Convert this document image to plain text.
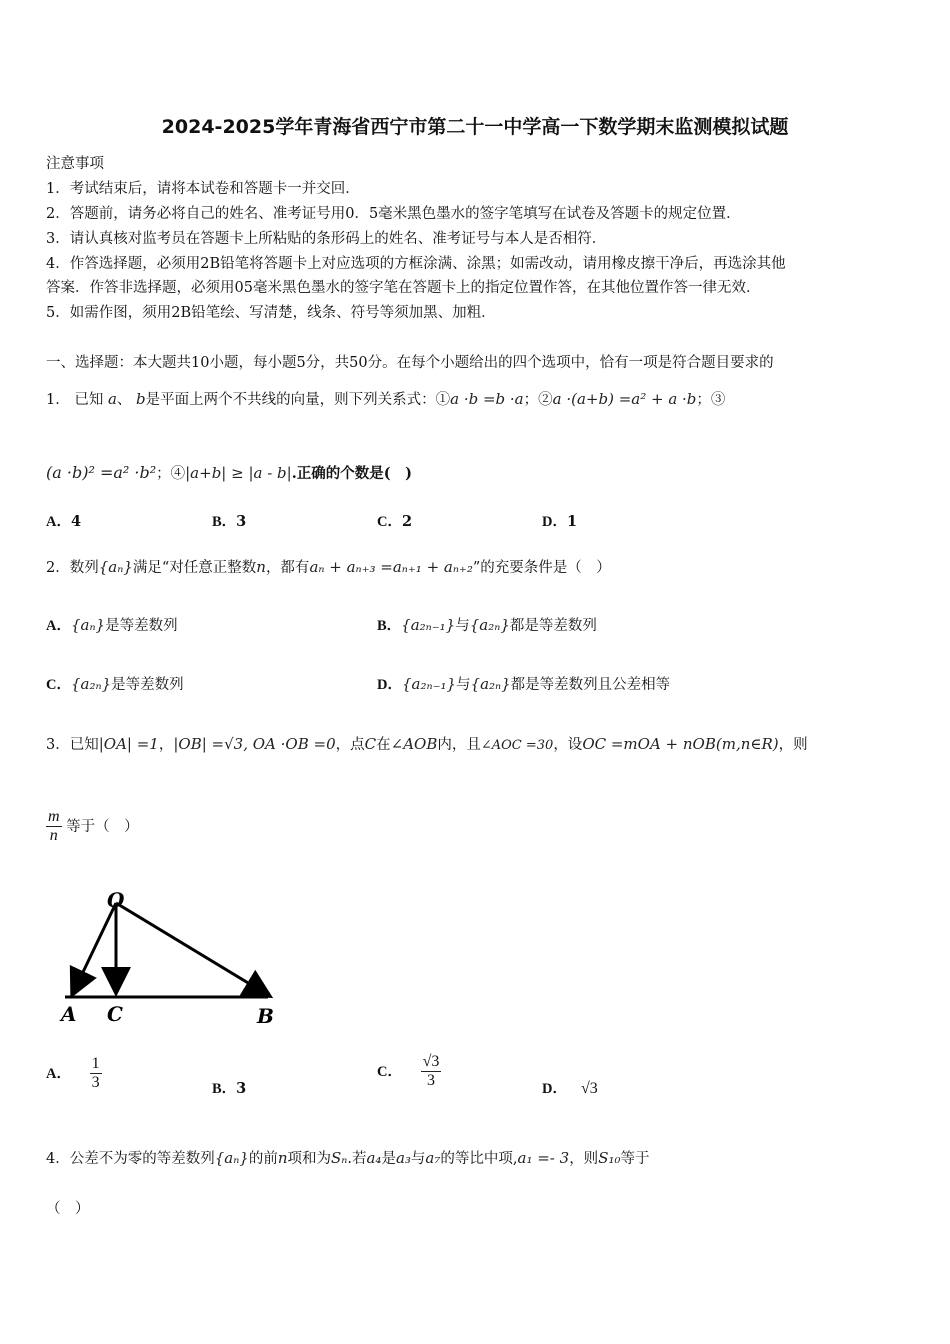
2024-2025学年青海省西宁市第二十一中学高一下数学期末监测模拟试题
注意事项
1．考试结束后，请将本试卷和答题卡一并交回．
2．答题前，请务必将自己的姓名、准考证号用0．5毫米黑色墨水的签字笔填写在试卷及答题卡的规定位置．
3．请认真核对监考员在答题卡上所粘贴的条形码上的姓名、准考证号与本人是否相符．
4．作答选择题，必须用2B铅笔将答题卡上对应选项的方框涂满、涂黑；如需改动，请用橡皮擦干净后，再选涂其他
答案．作答非选择题，必须用05毫米黑色墨水的签字笔在答题卡上的指定位置作答，在其他位置作答一律无效．
5．如需作图，须用2B铅笔绘、写清楚，线条、符号等须加黑、加粗．
一、选择题：本大题共10小题，每小题5分，共50分。在每个小题给出的四个选项中，恰有一项是符合题目要求的
1． 已知 a、 b是平面上两个不共线的向量，则下列关系式：①a ·b =b ·a；②a ·(a+b) =a² + a ·b；③
(a ·b)² =a² ·b²；④|a+b| ≥ |a - b|.正确的个数是(　)
A．4	B．3	C．2	D．1
2．数列{aₙ}满足“对任意正整数n，都有aₙ + aₙ₊₃ =aₙ₊₁ + aₙ₊₂”的充要条件是（　）
A．{aₙ}是等差数列	B．{a₂ₙ₋₁}与{a₂ₙ}都是等差数列
C．{a₂ₙ}是等差数列	D．{a₂ₙ₋₁}与{a₂ₙ}都是等差数列且公差相等
3．已知|OA| =1，|OB| =√3, OA ·OB =0，点C在∠AOB内，且∠AOC =30，设OC =mOA + nOB(m,n∈R)，则
$\frac{m}{n}$ 等于（　）
O
A C	B
A． $\frac{1}{3}$	B．3
C． $\frac{√3}{3}$	D． √3
4．公差不为零的等差数列{aₙ}的前n项和为Sₙ.若a₄是a₃与a₇的等比中项,a₁ =- 3，则S₁₀等于
（　）
